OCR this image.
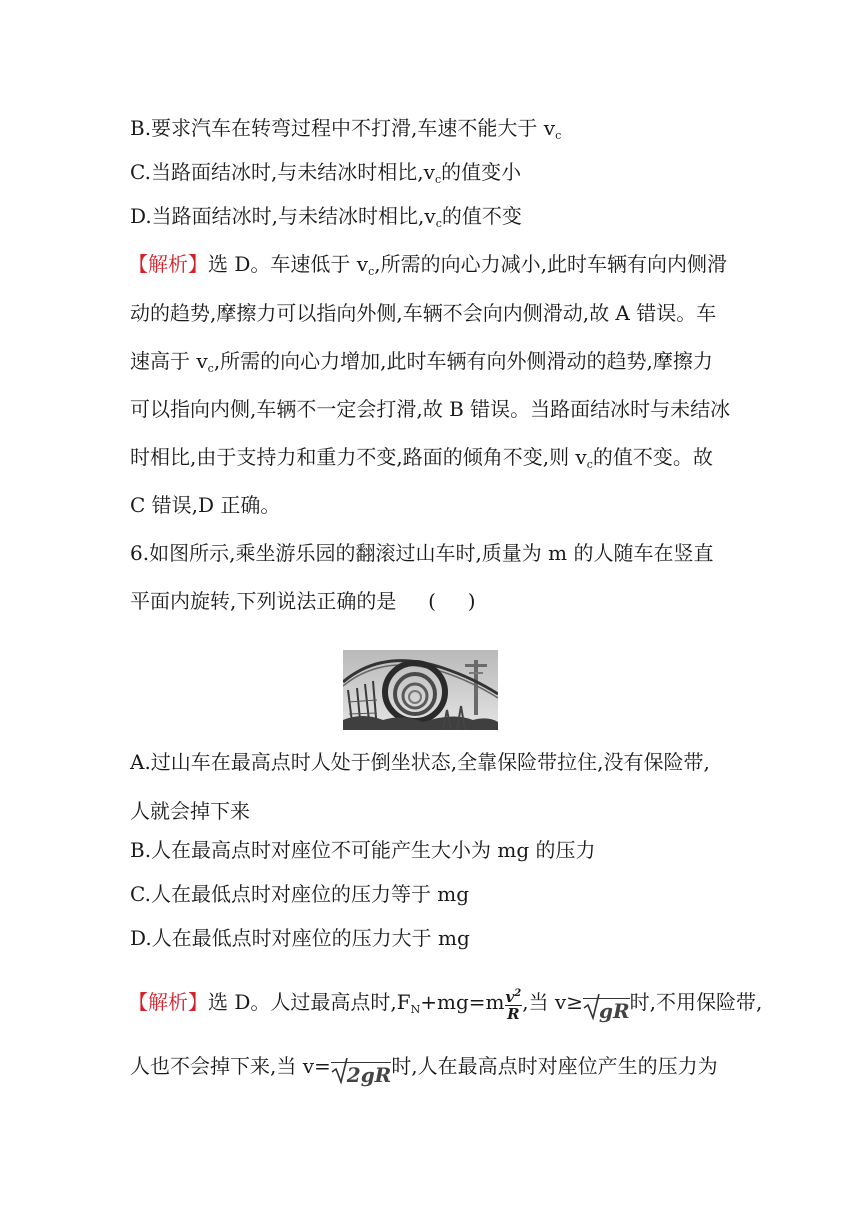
B.要求汽车在转弯过程中不打滑,车速不能大于 $v_c$
C.当路面结冰时,与未结冰时相比$,v_c$的值变小
D.当路面结冰时,与未结冰时相比$,v_c$的值不变
【解析】选 D。车速低于 $v_c$,所需的向心力减小,此时车辆有向内侧滑
动的趋势,摩擦力可以指向外侧,车辆不会向内侧滑动,故 A 错误。车
速高于 $v_c$,所需的向心力增加,此时车辆有向外侧滑动的趋势,摩擦力
可以指向内侧,车辆不一定会打滑,故 B 错误。当路面结冰时与未结冰
时相比,由于支持力和重力不变,路面的倾角不变,则 $v_c$的值不变。故
C 错误,D 正确。
6.如图所示,乘坐游乐园的翻滚过山车时,质量为 m 的人随车在竖直
平面内旋转,下列说法正确的是     (     )
A.过山车在最高点时人处于倒坐状态,全靠保险带拉住,没有保险带,
人就会掉下来
B.人在最高点时对座位不可能产生大小为 mg 的压力
C.人在最低点时对座位的压力等于 mg
D.人在最低点时对座位的压力大于 mg
【解析】选 D。人过最高点时$,F_N+mg=m \frac{v^2}{R}$ ,当 v≥ gR时,不用保险带,
人也不会掉下来,当 v= 2gR时,人在最高点时对座位产生的压力为
